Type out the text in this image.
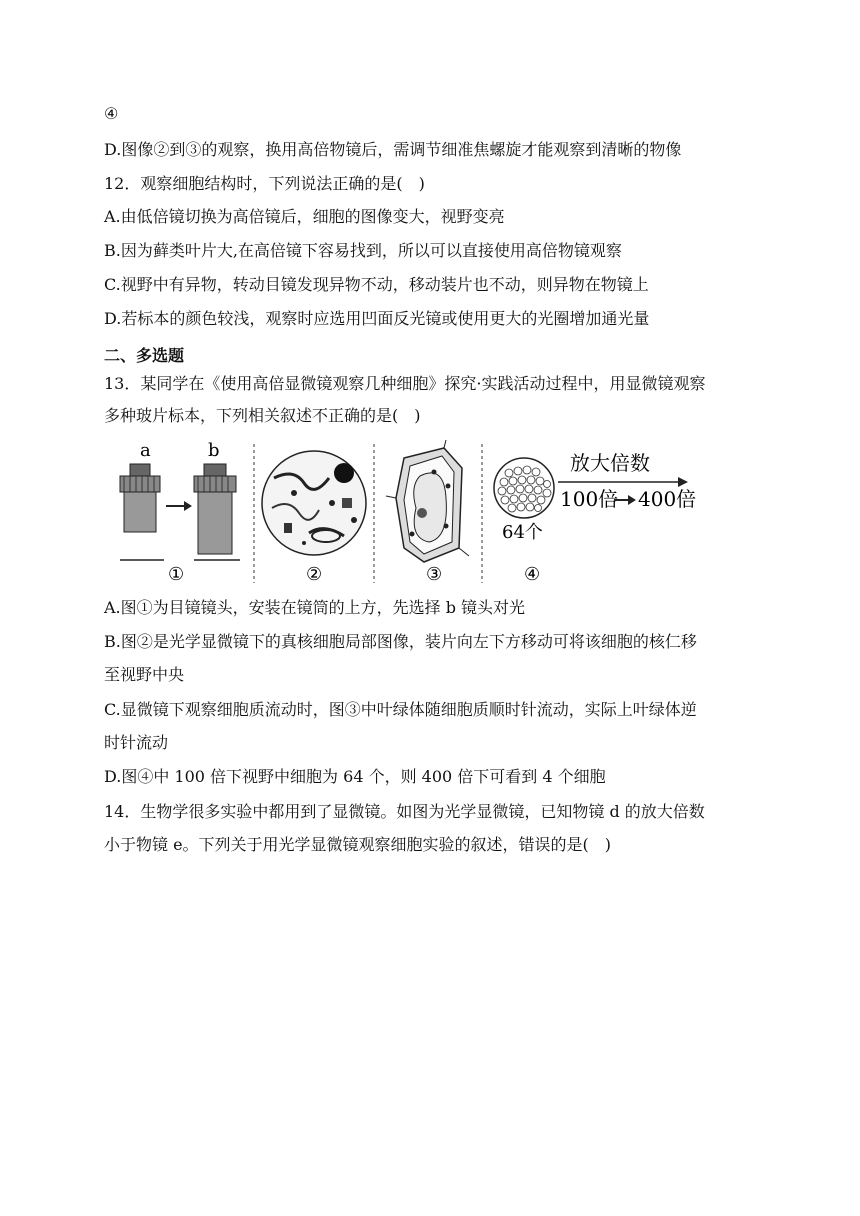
④
D.图像②到③的观察，换用高倍物镜后，需调节细准焦螺旋才能观察到清晰的物像
12．观察细胞结构时，下列说法正确的是(　)
A.由低倍镜切换为高倍镜后，细胞的图像变大，视野变亮
B.因为藓类叶片大,在高倍镜下容易找到，所以可以直接使用高倍物镜观察
C.视野中有异物，转动目镜发现异物不动，移动装片也不动，则异物在物镜上
D.若标本的颜色较浅，观察时应选用凹面反光镜或使用更大的光圈增加通光量
二、多选题
13．某同学在《使用高倍显微镜观察几种细胞》探究·实践活动过程中，用显微镜观察
多种玻片标本，下列相关叙述不正确的是(　)
a	b
①	②	③
64个
放大倍数
100倍 400倍
④
A.图①为目镜镜头，安装在镜筒的上方，先选择 b 镜头对光
B.图②是光学显微镜下的真核细胞局部图像，装片向左下方移动可将该细胞的核仁移
至视野中央
C.显微镜下观察细胞质流动时，图③中叶绿体随细胞质顺时针流动，实际上叶绿体逆
时针流动
D.图④中 100 倍下视野中细胞为 64 个，则 400 倍下可看到 4 个细胞
14．生物学很多实验中都用到了显微镜。如图为光学显微镜，已知物镜 d 的放大倍数
小于物镜 e。下列关于用光学显微镜观察细胞实验的叙述，错误的是(　)
